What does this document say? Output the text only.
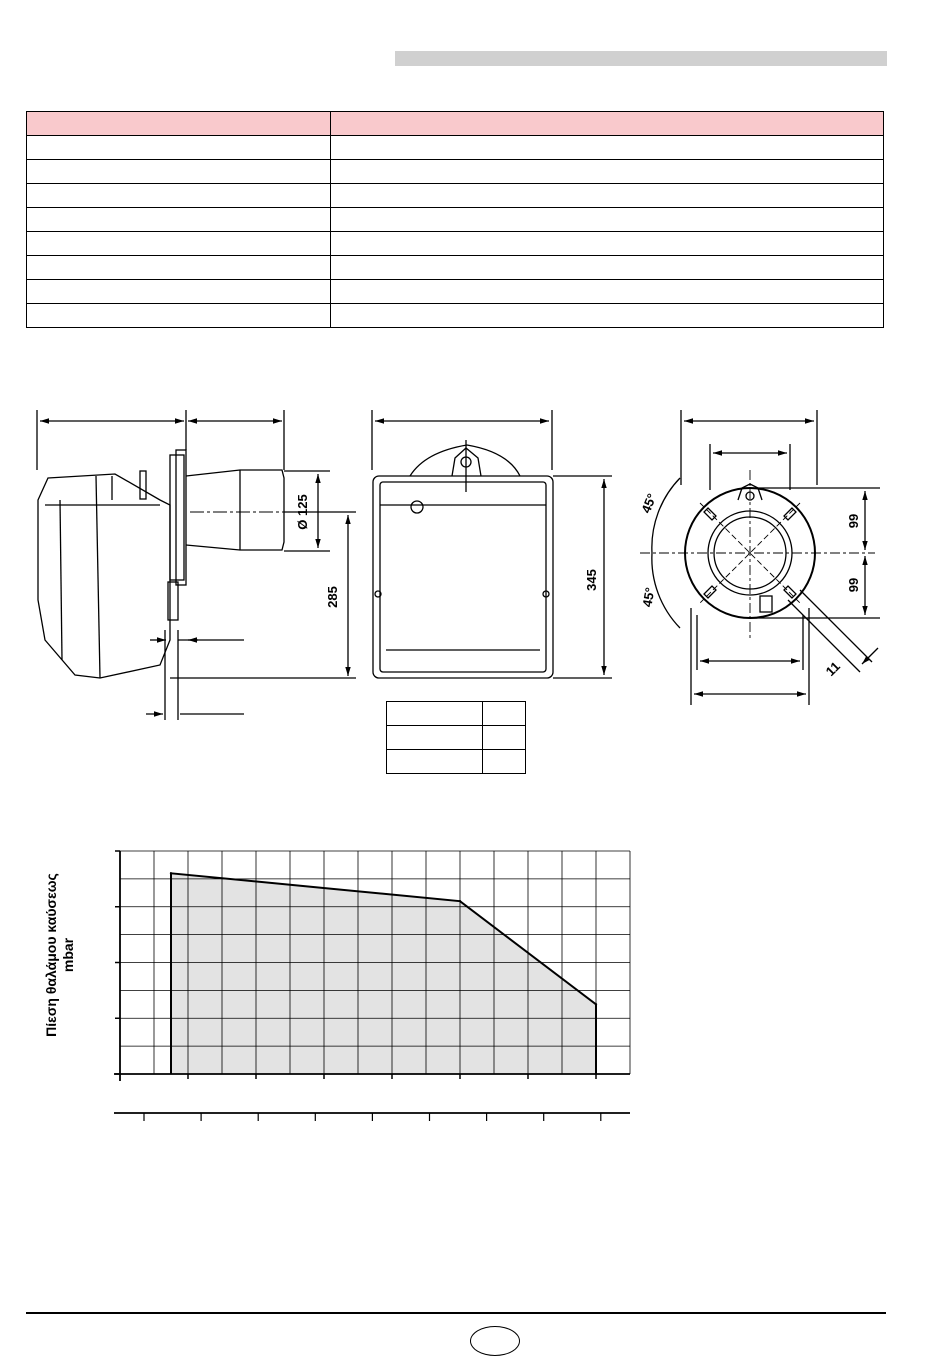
Ø 125
285
345
45°
45°
99
99
11

Πίεση θαλάμου καύσεως mbar
